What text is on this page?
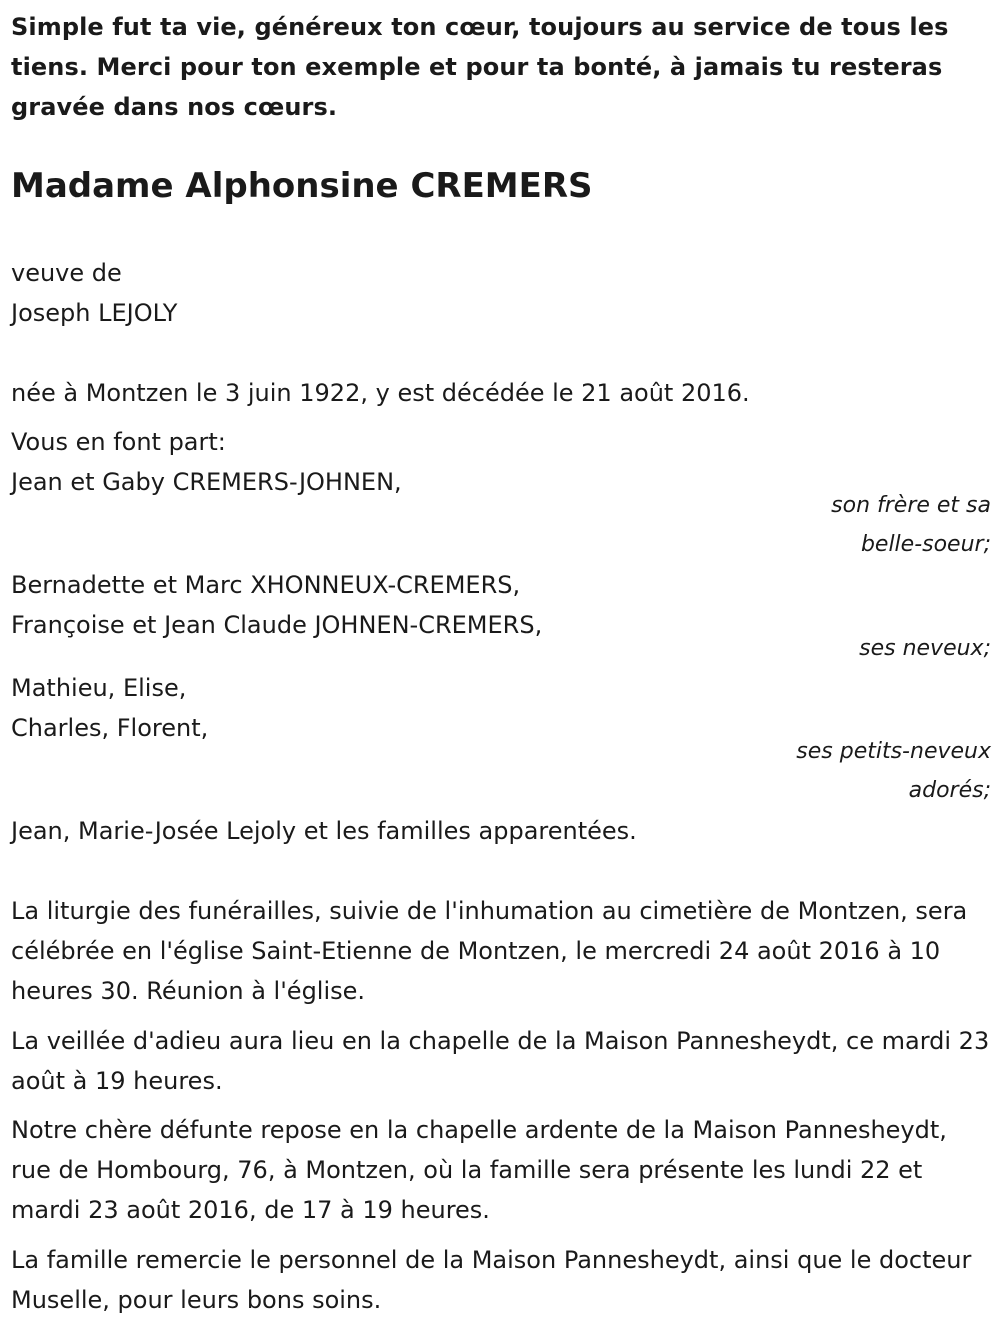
Simple fut ta vie, généreux ton cœur, toujours au service de tous les tiens. Merci pour ton exemple et pour ta bonté, à jamais tu resteras gravée dans nos cœurs.
Madame Alphonsine CREMERS
veuve de
Joseph LEJOLY
née à Montzen le 3 juin 1922, y est décédée le 21 août 2016.
Vous en font part:
Jean et Gaby CREMERS-JOHNEN,
son frère et sa
belle-soeur;
Bernadette et Marc XHONNEUX-CREMERS,
Françoise et Jean Claude JOHNEN-CREMERS,
ses neveux;
Mathieu, Elise,
Charles, Florent,
ses petits-neveux
adorés;
Jean, Marie-Josée Lejoly et les familles apparentées.
La liturgie des funérailles, suivie de l'inhumation au cimetière de Montzen, sera célébrée en l'église Saint-Etienne de Montzen, le mercredi 24 août 2016 à 10 heures 30. Réunion à l'église.
La veillée d'adieu aura lieu en la chapelle de la Maison Pannesheydt, ce mardi 23 août à 19 heures.
Notre chère défunte repose en la chapelle ardente de la Maison Pannesheydt, rue de Hombourg, 76, à Montzen, où la famille sera présente les lundi 22 et mardi 23 août 2016, de 17 à 19 heures.
La famille remercie le personnel de la Maison Pannesheydt, ainsi que le docteur Muselle, pour leurs bons soins.
